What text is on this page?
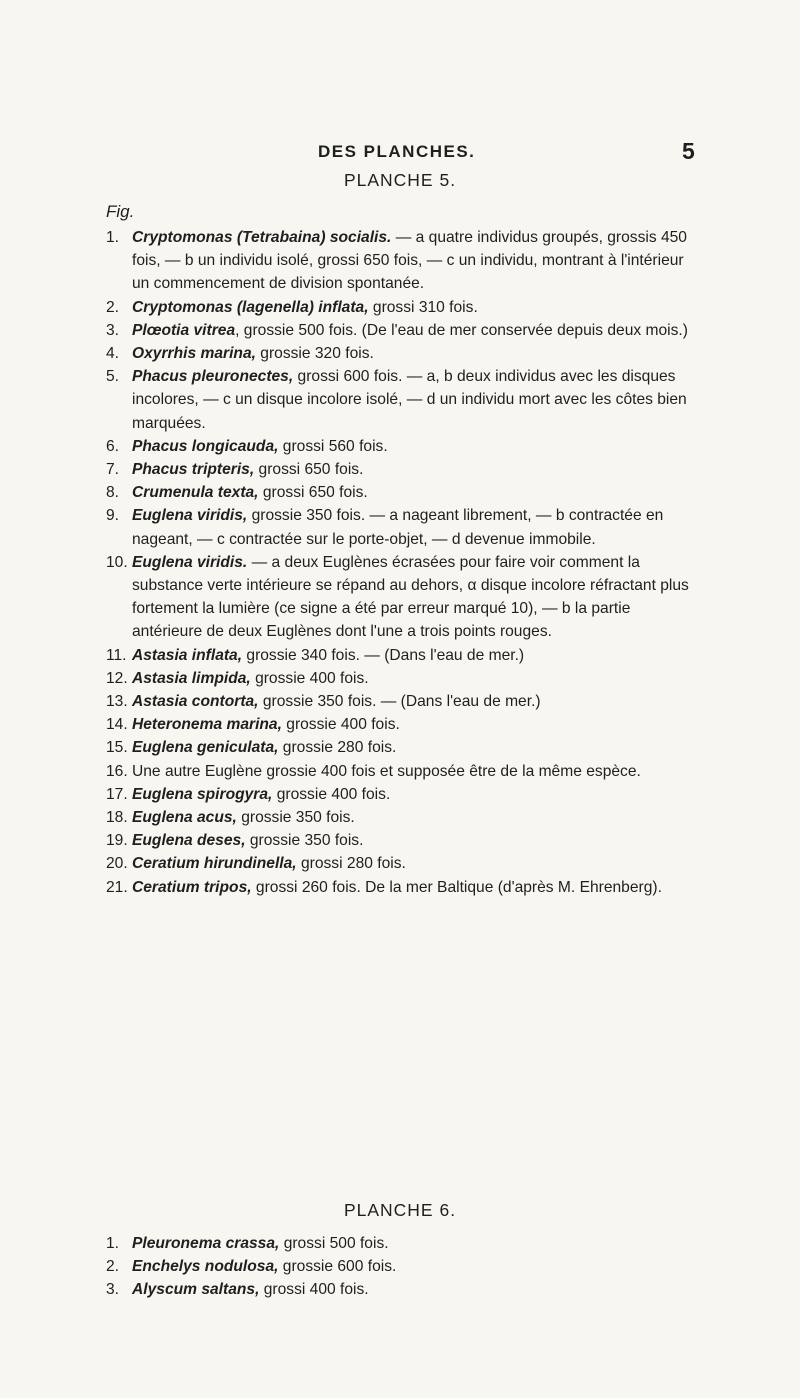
DES PLANCHES.	5
PLANCHE 5.
Fig.
1. Cryptomonas (Tetrabaina) socialis. — a quatre individus groupés, grossis 450 fois, — b un individu isolé, grossi 650 fois, — c un individu, montrant à l'intérieur un commencement de division spontanée.
2. Cryptomonas (lagenella) inflata, grossi 310 fois.
3. Plœotia vitrea, grossie 500 fois. (De l'eau de mer conservée depuis deux mois.)
4. Oxyrrhis marina, grossie 320 fois.
5. Phacus pleuronectes, grossi 600 fois. — a, b deux individus avec les disques incolores, — c un disque incolore isolé, — d un individu mort avec les côtes bien marquées.
6. Phacus longicauda, grossi 560 fois.
7. Phacus tripteris, grossi 650 fois.
8. Crumenula texta, grossi 650 fois.
9. Euglena viridis, grossie 350 fois. — a nageant librement, — b contractée en nageant, — c contractée sur le porte-objet, — d devenue immobile.
10. Euglena viridis. — a deux Euglènes écrasées pour faire voir comment la substance verte intérieure se répand au dehors, α disque incolore réfractant plus fortement la lumière (ce signe a été par erreur marqué 10), — b la partie antérieure de deux Euglènes dont l'une a trois points rouges.
11. Astasia inflata, grossie 340 fois. — (Dans l'eau de mer.)
12. Astasia limpida, grossie 400 fois.
13. Astasia contorta, grossie 350 fois. — (Dans l'eau de mer.)
14. Heteronema marina, grossie 400 fois.
15. Euglena geniculata, grossie 280 fois.
16. Une autre Euglène grossie 400 fois et supposée être de la même espèce.
17. Euglena spirogyra, grossie 400 fois.
18. Euglena acus, grossie 350 fois.
19. Euglena deses, grossie 350 fois.
20. Ceratium hirundinella, grossi 280 fois.
21. Ceratium tripos, grossi 260 fois. De la mer Baltique (d'après M. Ehrenberg).
PLANCHE 6.
1. Pleuronema crassa, grossi 500 fois.
2. Enchelys nodulosa, grossie 600 fois.
3. Alyscum saltans, grossi 400 fois.
